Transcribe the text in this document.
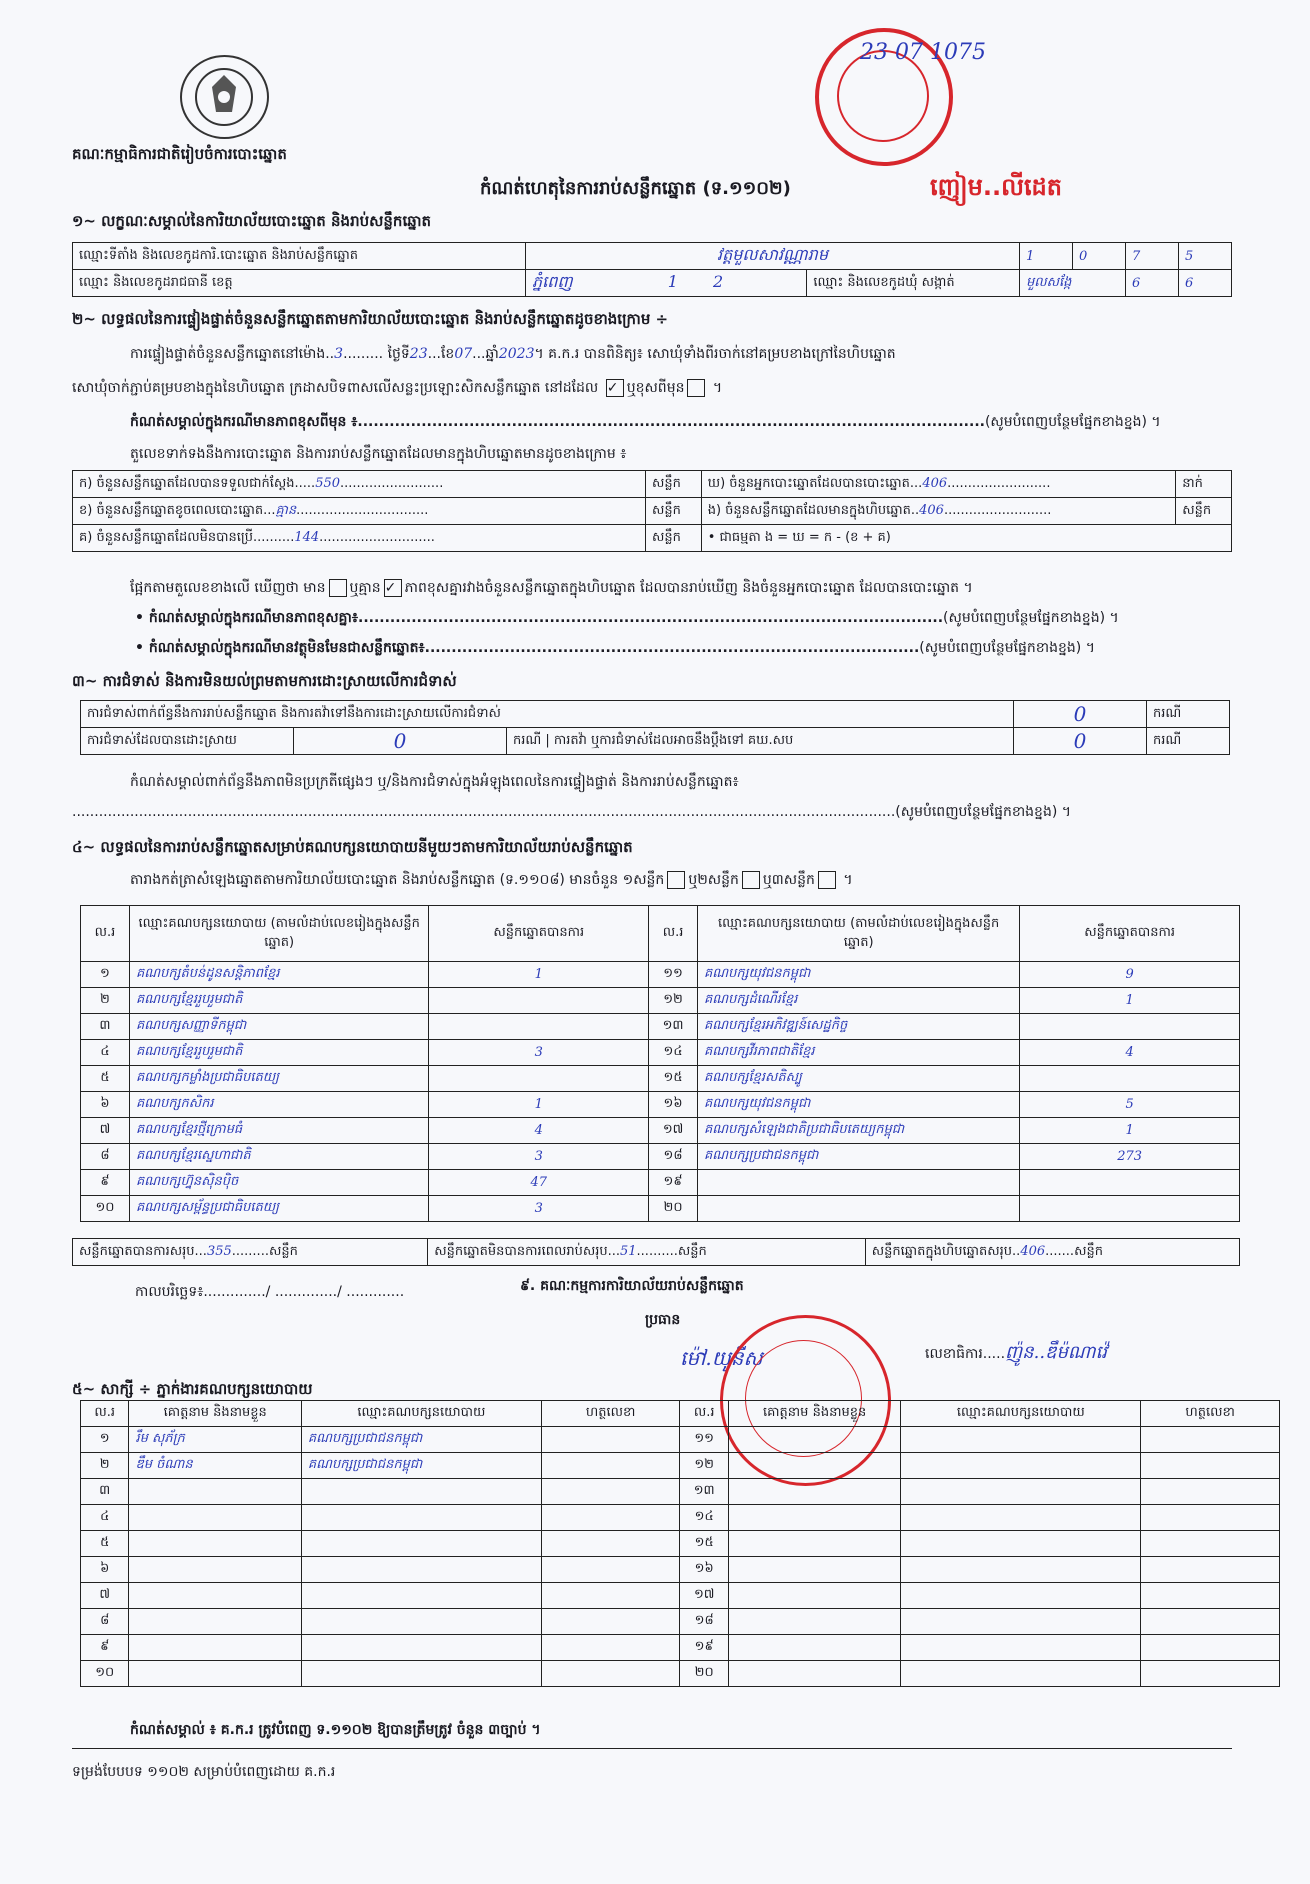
គណៈកម្មាធិការជាតិរៀបចំការបោះឆ្នោត
កំណត់ហេតុនៃការរាប់សន្លឹកឆ្នោត (ទ.១១០២)
23 07 1075
ញៀម..លីដេត
១~ លក្ខណៈសម្គាល់នៃការិយាល័យបោះឆ្នោត និងរាប់សន្លឹកឆ្នោត
ឈ្មោះទីតាំង និងលេខកូដការិ.បោះឆ្នោត និងរាប់សន្លឹកឆ្នោត	វត្តមួលសាវណ្ណារាម		1	0	7	5
ឈ្មោះ និងលេខកូដរាជធានី ខេត្ត	ភ្នំពេញ 1 2	ឈ្មោះ និងលេខកូដឃុំ សង្កាត់	មួលសង្កែ		6	6
២~ លទ្ធផលនៃការផ្ទៀងផ្ទាត់ចំនួនសន្លឹកឆ្នោតតាមការិយាល័យបោះឆ្នោត និងរាប់សន្លឹកឆ្នោតដូចខាងក្រោម ÷
ការផ្ទៀងផ្ទាត់ចំនួនសន្លឹកឆ្នោតនៅម៉ោង..3......... ថ្ងៃទី23...ខែ07...ឆ្នាំ2023។ គ.ក.រ បានពិនិត្យ៖ សោឃុំទាំងពីរចាក់នៅគម្របខាងក្រៅនៃហិបឆ្នោត
សោឃុំចាក់ភ្ជាប់គម្របខាងក្នុងនៃហិបឆ្នោត ក្រដាសបិទពាសលើសន្លះប្រឡោះសិកសន្លឹកឆ្នោត នៅដដែល ✓ ឬខុសពីមុន ។
កំណត់សម្គាល់ក្នុងករណីមានភាពខុសពីមុន ៖......................................................................................................................(សូមបំពេញបន្ថែមផ្នែកខាងខ្នង) ។
តួលេខទាក់ទងនឹងការបោះឆ្នោត និងការរាប់សន្លឹកឆ្នោតដែលមានក្នុងហិបឆ្នោតមានដូចខាងក្រោម ៖
ក) ចំនួនសន្លឹកឆ្នោតដែលបានទទួលជាក់ស្តែង.....550.........................	សន្លឹក	ឃ) ចំនួនអ្នកបោះឆ្នោតដែលបានបោះឆ្នោត...406.........................	នាក់
ខ) ចំនួនសន្លឹកឆ្នោតខូចពេលបោះឆ្នោត...គ្មាន................................	សន្លឹក	ង) ចំនួនសន្លឹកឆ្នោតដែលមានក្នុងហិបឆ្នោត..406..........................	សន្លឹក
គ) ចំនួនសន្លឹកឆ្នោតដែលមិនបានប្រើ..........144............................	សន្លឹក	• ជាធម្មតា ង = ឃ = ក - (ខ + គ)	
ផ្អែកតាមតួលេខខាងលើ ឃើញថា មាន ឬគ្មាន ✓ ភាពខុសគ្នារវាងចំនួនសន្លឹកឆ្នោតក្នុងហិបឆ្នោត ដែលបានរាប់ឃើញ និងចំនួនអ្នកបោះឆ្នោត ដែលបានបោះឆ្នោត ។
• កំណត់សម្គាល់ក្នុងករណីមានភាពខុសគ្នា៖..............................................................................................................(សូមបំពេញបន្ថែមផ្នែកខាងខ្នង) ។
• កំណត់សម្គាល់ក្នុងករណីមានវត្ថុមិនមែនជាសន្លឹកឆ្នោត៖.............................................................................................(សូមបំពេញបន្ថែមផ្នែកខាងខ្នង) ។
៣~ ការជំទាស់ និងការមិនយល់ព្រមតាមការដោះស្រាយលើការជំទាស់
ការជំទាស់ពាក់ព័ន្ធនឹងការរាប់សន្លឹកឆ្នោត និងការតវ៉ាទៅនឹងការដោះស្រាយលើការជំទាស់			0	ករណី
ការជំទាស់ដែលបានដោះស្រាយ	0	ករណី | ការតវ៉ា ឬការជំទាស់ដែលអាចនឹងប្តឹងទៅ គឃ.សប	0	ករណី
កំណត់សម្គាល់ពាក់ព័ន្ធនឹងភាពមិនប្រក្រតីផ្សេងៗ ឬ/និងការជំទាស់ក្នុងអំឡុងពេលនៃការផ្ទៀងផ្ទាត់ និងការរាប់សន្លឹកឆ្នោត៖
.........................................................................................................................................................................................(សូមបំពេញបន្ថែមផ្នែកខាងខ្នង) ។
៤~ លទ្ធផលនៃការរាប់សន្លឹកឆ្នោតសម្រាប់គណបក្សនយោបាយនីមួយៗតាមការិយាល័យរាប់សន្លឹកឆ្នោត
តារាងកត់ត្រាសំឡេងឆ្នោតតាមការិយាល័យបោះឆ្នោត និងរាប់សន្លឹកឆ្នោត (ទ.១១០៨) មានចំនួន ១សន្លឹក ឬ២សន្លឹក ឬ៣សន្លឹក ។
ល.រ	ឈ្មោះគណបក្សនយោបាយ (តាមលំដាប់លេខរៀងក្នុងសន្លឹកឆ្នោត)	សន្លឹកឆ្នោតបានការ	ល.រ	ឈ្មោះគណបក្សនយោបាយ (តាមលំដាប់លេខរៀងក្នុងសន្លឹកឆ្នោត)	សន្លឹកឆ្នោតបានការ
១	គណបក្សតំបន់ដូនសន្តិភាពខ្មែរ	1	១១	គណបក្សយុវជនកម្ពុជា	9
២	គណបក្សខ្មែររួបរួមជាតិ		១២	គណបក្សដំណើរខ្មែរ	1
៣	គណបក្សសញ្ញាទីកម្ពុជា		១៣	គណបក្សខ្មែរអភិវឌ្ឍន៍សេដ្ឋកិច្ច	
៤	គណបក្សខ្មែររួបរួមជាតិ	3	១៤	គណបក្សវីរភាពជាតិខ្មែរ	4
៥	គណបក្សកម្លាំងប្រជាធិបតេយ្យ		១៥	គណបក្សខ្មែរសតិស្បូ	
៦	គណបក្សកសិករ	1	១៦	គណបក្សយុវជនកម្ពុជា	5
៧	គណបក្សខ្មែរថ្មីក្រោមធំ	4	១៧	គណបក្សសំឡេងជាតិប្រជាធិបតេយ្យកម្ពុជា	1
៨	គណបក្សខ្មែរស្នេហាជាតិ	3	១៨	គណបក្សប្រជាជនកម្ពុជា	273
៩	គណបក្សហ្វ៊ុនស៊ិនប៉ិច	47	១៩		
១០	គណបក្សសម្ព័ន្ធប្រជាធិបតេយ្យ	3	២០		
សន្លឹកឆ្នោតបានការសរុប...355.........សន្លឹក	សន្លឹកឆ្នោតមិនបានការពេលរាប់សរុប...51..........សន្លឹក	សន្លឹកឆ្នោតក្នុងហិបឆ្នោតសរុប..406.......សន្លឹក
កាលបរិច្ឆេទ៖............../ ............../ .............	៩. គណៈកម្មការការិយាល័យរាប់សន្លឹកឆ្នោត
ប្រធាន
ម៉ៅ.យូនីស	លេខាធិការ.....ញ៉ូន..ឌឹម៉ណាវ៉េ
៥~ សាក្សី ÷ ភ្នាក់ងារគណបក្សនយោបាយ
ល.រ	គោត្តនាម និងនាមខ្លួន	ឈ្មោះគណបក្សនយោបាយ	ហត្ថលេខា	ល.រ	គោត្តនាម និងនាមខ្លួន	ឈ្មោះគណបក្សនយោបាយ	ហត្ថលេខា
១	រឹម សុភ័ក្រ	គណបក្សប្រជាជនកម្ពុជា		១១			
២	ឌឹម ចំណាន	គណបក្សប្រជាជនកម្ពុជា		១២			
៣				១៣			
៤				១៤			
៥				១៥			
៦				១៦			
៧				១៧			
៨				១៨			
៩				១៩			
១០				២០			
កំណត់សម្គាល់ ៖ គ.ក.រ ត្រូវបំពេញ ទ.១១០២ ឱ្យបានត្រឹមត្រូវ ចំនួន ៣ច្បាប់ ។
ទម្រង់បែបបទ ១១០២ សម្រាប់បំពេញដោយ គ.ក.រ
